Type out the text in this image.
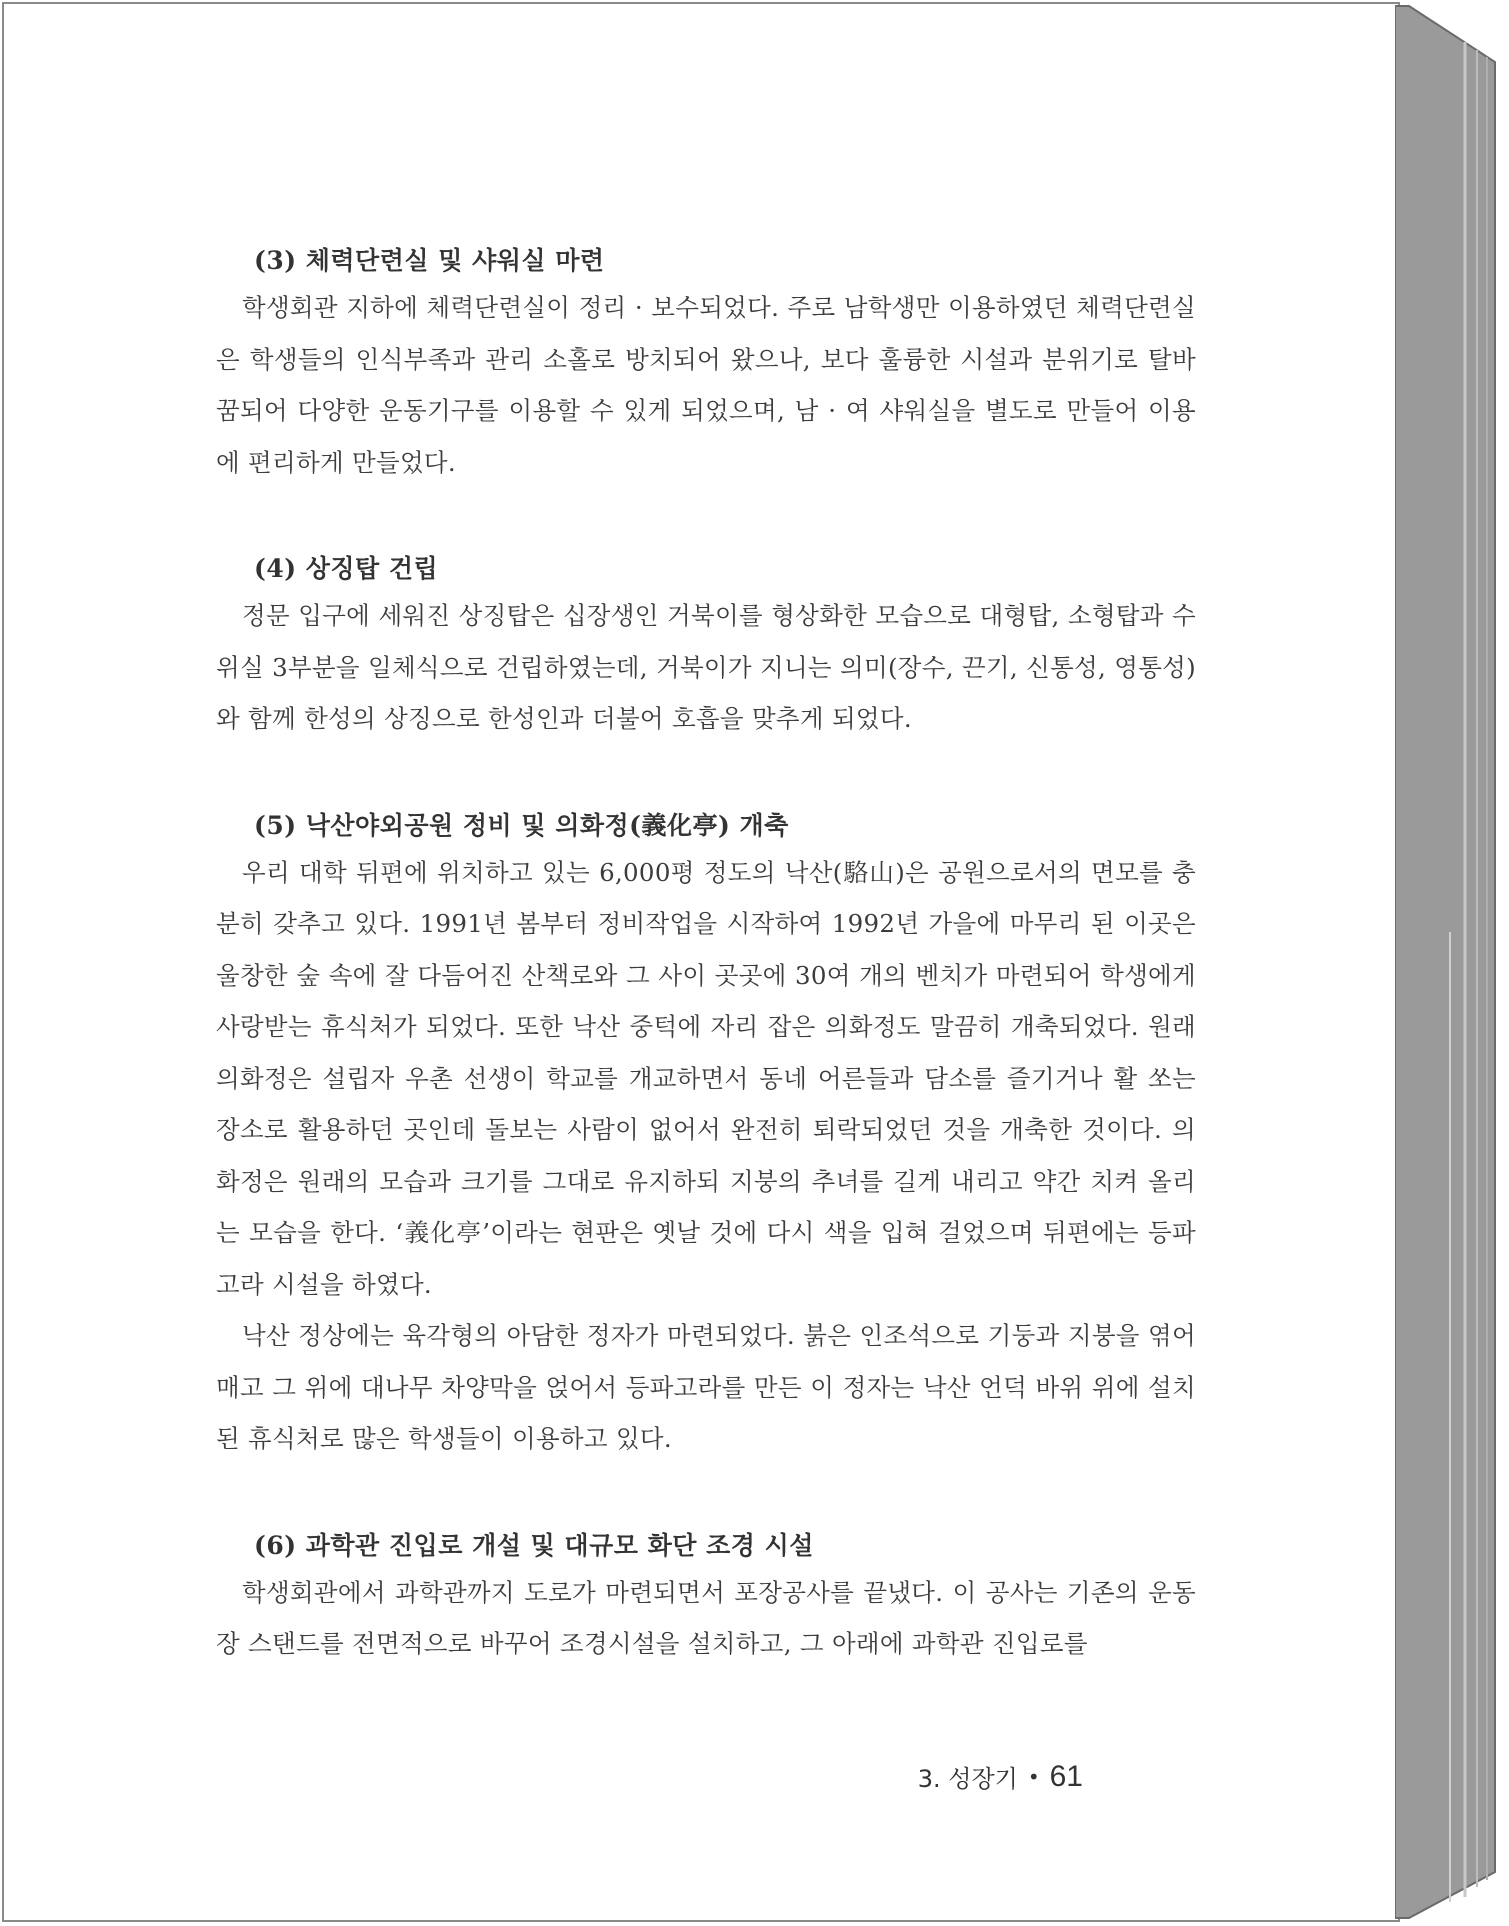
(3) 체력단련실 및 샤워실 마련
학생회관 지하에 체력단련실이 정리 · 보수되었다. 주로 남학생만 이용하였던 체력단련실은 학생들의 인식부족과 관리 소홀로 방치되어 왔으나, 보다 훌륭한 시설과 분위기로 탈바꿈되어 다양한 운동기구를 이용할 수 있게 되었으며, 남 · 여 샤워실을 별도로 만들어 이용에 편리하게 만들었다.
(4) 상징탑 건립
정문 입구에 세워진 상징탑은 십장생인 거북이를 형상화한 모습으로 대형탑, 소형탑과 수위실 3부분을 일체식으로 건립하였는데, 거북이가 지니는 의미(장수, 끈기, 신통성, 영통성)와 함께 한성의 상징으로 한성인과 더불어 호흡을 맞추게 되었다.
(5) 낙산야외공원 정비 및 의화정(義化亭) 개축
우리 대학 뒤편에 위치하고 있는 6,000평 정도의 낙산(駱山)은 공원으로서의 면모를 충분히 갖추고 있다. 1991년 봄부터 정비작업을 시작하여 1992년 가을에 마무리 된 이곳은 울창한 숲 속에 잘 다듬어진 산책로와 그 사이 곳곳에 30여 개의 벤치가 마련되어 학생에게 사랑받는 휴식처가 되었다. 또한 낙산 중턱에 자리 잡은 의화정도 말끔히 개축되었다. 원래 의화정은 설립자 우촌 선생이 학교를 개교하면서 동네 어른들과 담소를 즐기거나 활 쏘는 장소로 활용하던 곳인데 돌보는 사람이 없어서 완전히 퇴락되었던 것을 개축한 것이다. 의화정은 원래의 모습과 크기를 그대로 유지하되 지붕의 추녀를 길게 내리고 약간 치켜 올리는 모습을 한다. ‘義化亭’이라는 현판은 옛날 것에 다시 색을 입혀 걸었으며 뒤편에는 등파고라 시설을 하였다.
낙산 정상에는 육각형의 아담한 정자가 마련되었다. 붉은 인조석으로 기둥과 지붕을 엮어매고 그 위에 대나무 차양막을 얹어서 등파고라를 만든 이 정자는 낙산 언덕 바위 위에 설치된 휴식처로 많은 학생들이 이용하고 있다.
(6) 과학관 진입로 개설 및 대규모 화단 조경 시설
학생회관에서 과학관까지 도로가 마련되면서 포장공사를 끝냈다. 이 공사는 기존의 운동장 스탠드를 전면적으로 바꾸어 조경시설을 설치하고, 그 아래에 과학관 진입로를
3. 성장기 • 61
